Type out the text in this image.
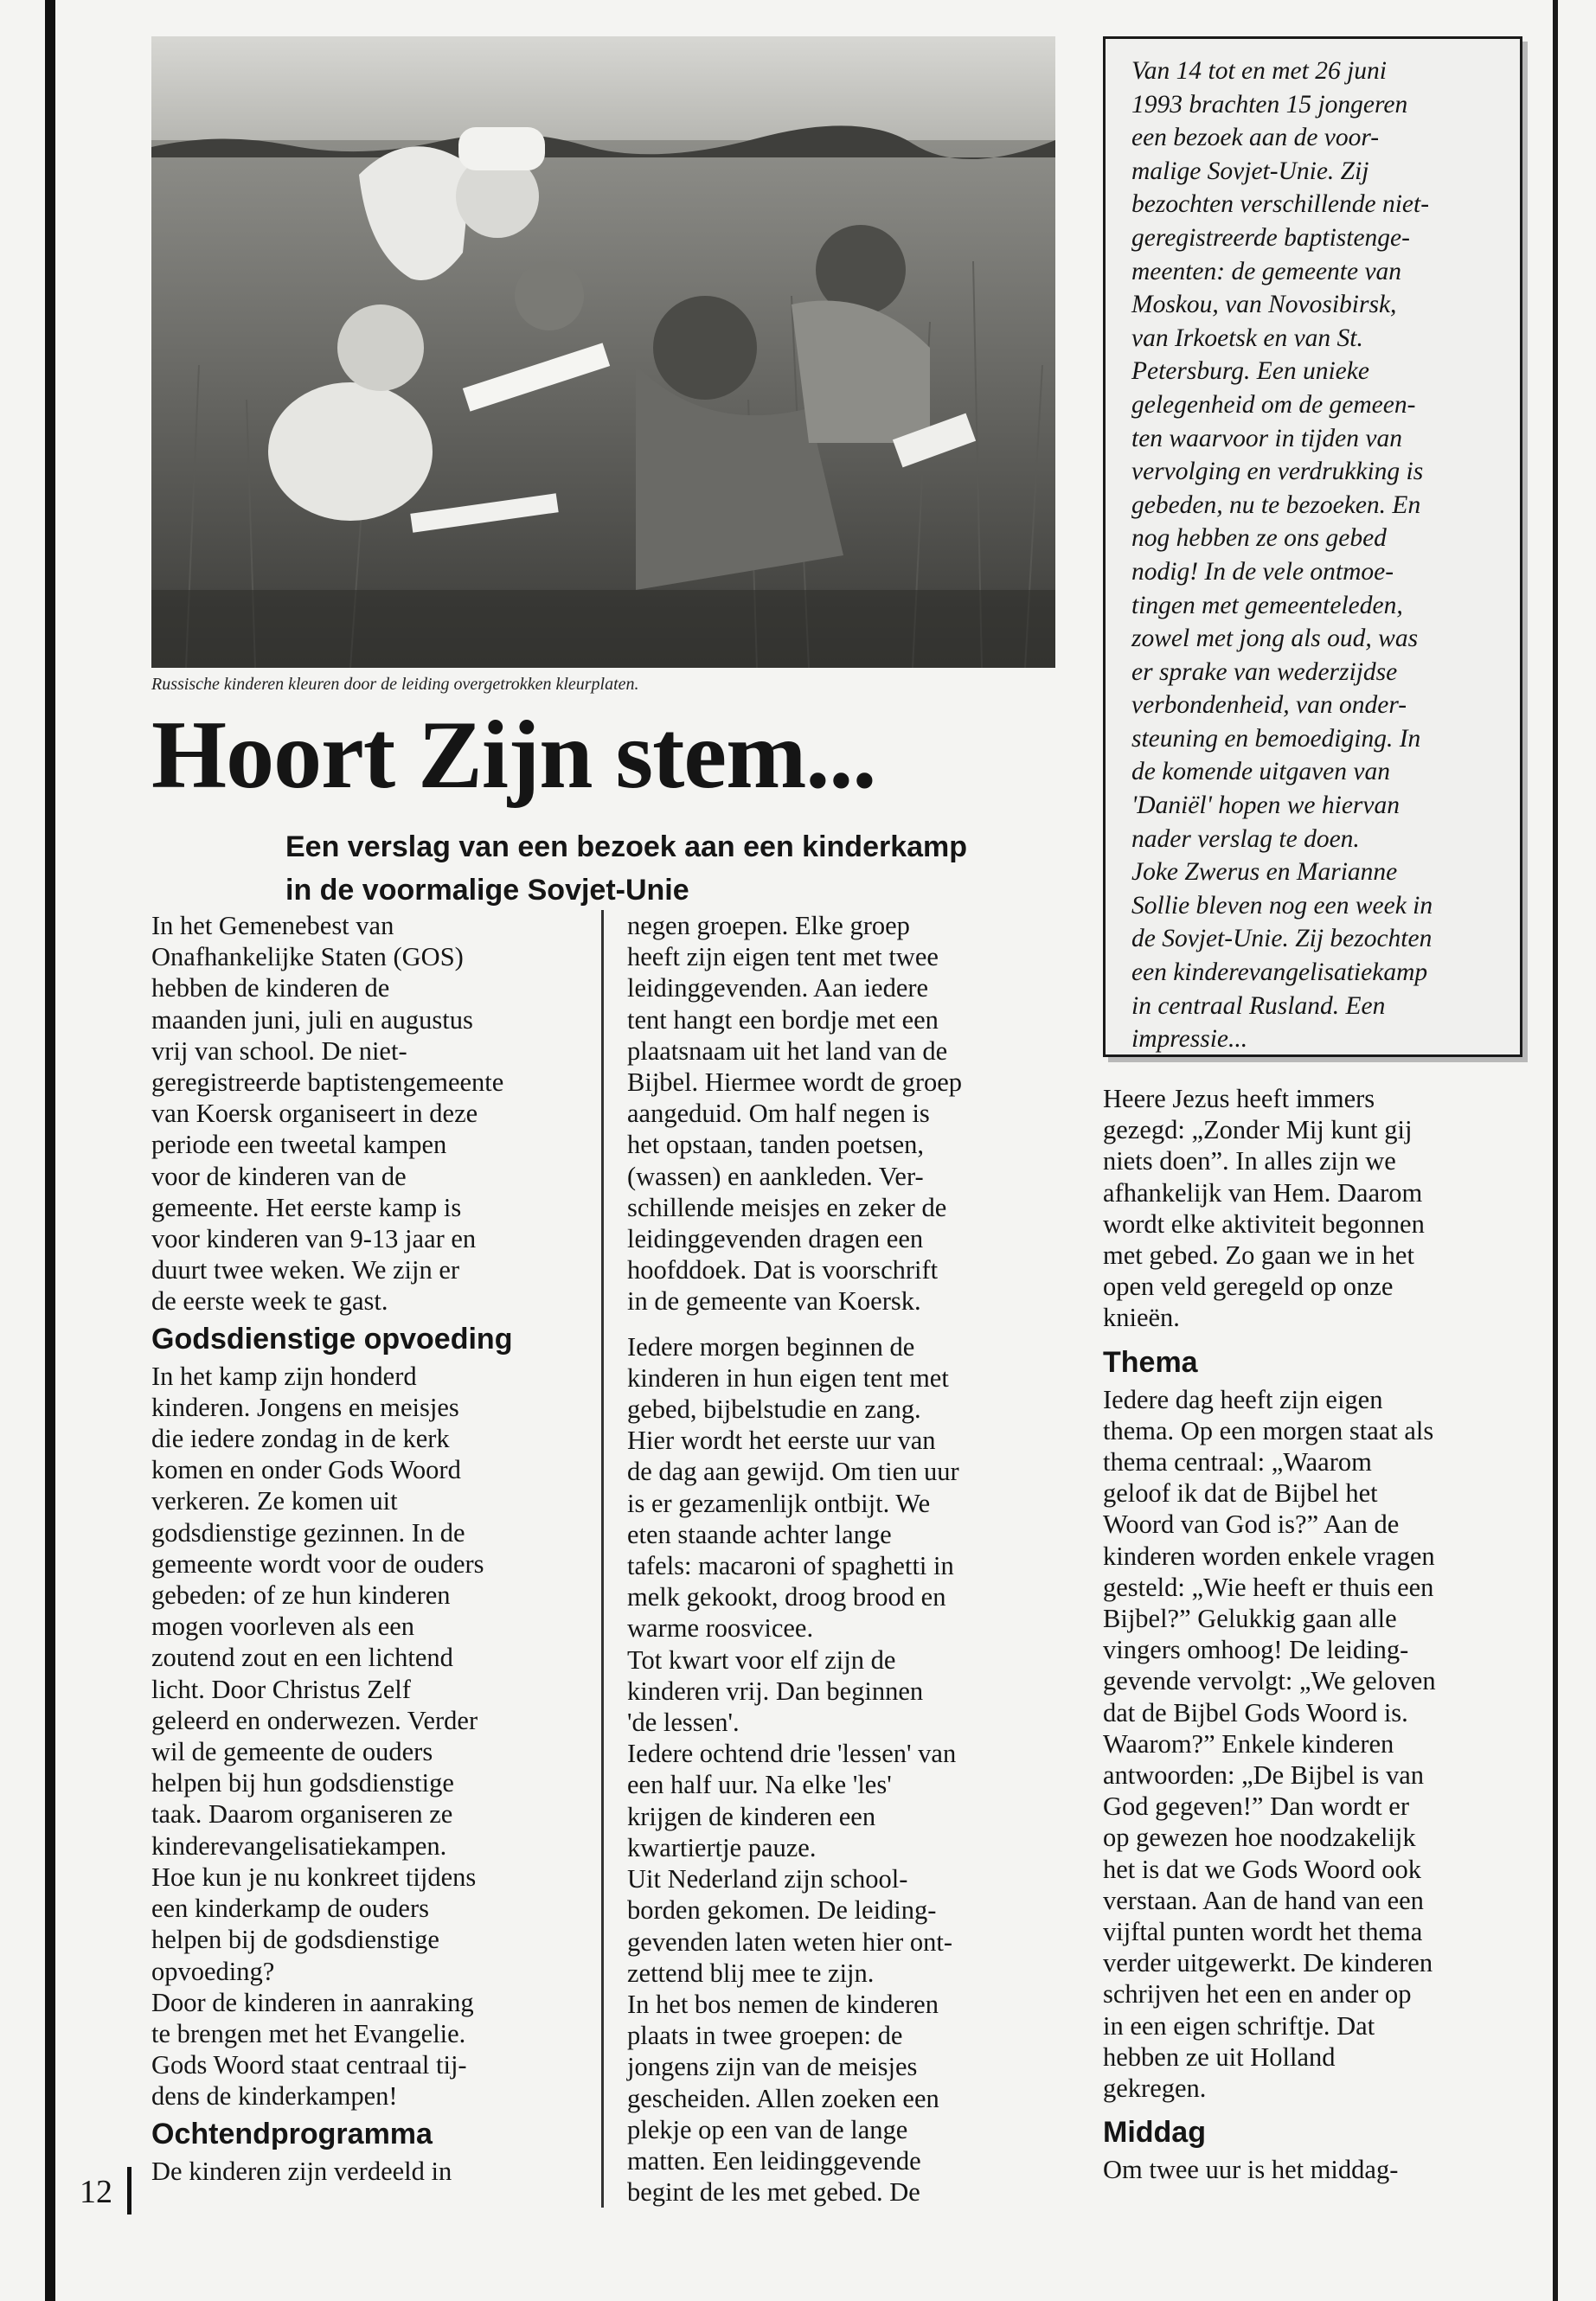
Russische kinderen kleuren door de leiding overgetrokken kleurplaten.
Hoort Zijn stem...
Een verslag van een bezoek aan een kinderkamp
in de voormalige Sovjet-Unie
Van 14 tot en met 26 juni
1993 brachten 15 jongeren
een bezoek aan de voor-
malige Sovjet-Unie. Zij
bezochten verschillende niet-
geregistreerde baptistenge-
meenten: de gemeente van
Moskou, van Novosibirsk,
van Irkoetsk en van St.
Petersburg. Een unieke
gelegenheid om de gemeen-
ten waarvoor in tijden van
vervolging en verdrukking is
gebeden, nu te bezoeken. En
nog hebben ze ons gebed
nodig! In de vele ontmoe-
tingen met gemeenteleden,
zowel met jong als oud, was
er sprake van wederzijdse
verbondenheid, van onder-
steuning en bemoediging. In
de komende uitgaven van
'Daniël' hopen we hiervan
nader verslag te doen.
Joke Zwerus en Marianne
Sollie bleven nog een week in
de Sovjet-Unie. Zij bezochten
een kinderevangelisatiekamp
in centraal Rusland. Een
impressie...
In het Gemenebest van
Onafhankelijke Staten (GOS)
hebben de kinderen de
maanden juni, juli en augustus
vrij van school. De niet-
geregistreerde baptistengemeente
van Koersk organiseert in deze
periode een tweetal kampen
voor de kinderen van de
gemeente. Het eerste kamp is
voor kinderen van 9-13 jaar en
duurt twee weken. We zijn er
de eerste week te gast.
Godsdienstige opvoeding
In het kamp zijn honderd
kinderen. Jongens en meisjes
die iedere zondag in de kerk
komen en onder Gods Woord
verkeren. Ze komen uit
godsdienstige gezinnen. In de
gemeente wordt voor de ouders
gebeden: of ze hun kinderen
mogen voorleven als een
zoutend zout en een lichtend
licht. Door Christus Zelf
geleerd en onderwezen. Verder
wil de gemeente de ouders
helpen bij hun godsdienstige
taak. Daarom organiseren ze
kinderevangelisatiekampen.
Hoe kun je nu konkreet tijdens
een kinderkamp de ouders
helpen bij de godsdienstige
opvoeding?
Door de kinderen in aanraking
te brengen met het Evangelie.
Gods Woord staat centraal tij-
dens de kinderkampen!
Ochtendprogramma
De kinderen zijn verdeeld in
negen groepen. Elke groep
heeft zijn eigen tent met twee
leidinggevenden. Aan iedere
tent hangt een bordje met een
plaatsnaam uit het land van de
Bijbel. Hiermee wordt de groep
aangeduid. Om half negen is
het opstaan, tanden poetsen,
(wassen) en aankleden. Ver-
schillende meisjes en zeker de
leidinggevenden dragen een
hoofddoek. Dat is voorschrift
in de gemeente van Koersk.
Iedere morgen beginnen de
kinderen in hun eigen tent met
gebed, bijbelstudie en zang.
Hier wordt het eerste uur van
de dag aan gewijd. Om tien uur
is er gezamenlijk ontbijt. We
eten staande achter lange
tafels: macaroni of spaghetti in
melk gekookt, droog brood en
warme roosvicee.
Tot kwart voor elf zijn de
kinderen vrij. Dan beginnen
'de lessen'.
Iedere ochtend drie 'lessen' van
een half uur. Na elke 'les'
krijgen de kinderen een
kwartiertje pauze.
Uit Nederland zijn school-
borden gekomen. De leiding-
gevenden laten weten hier ont-
zettend blij mee te zijn.
In het bos nemen de kinderen
plaats in twee groepen: de
jongens zijn van de meisjes
gescheiden. Allen zoeken een
plekje op een van de lange
matten. Een leidinggevende
begint de les met gebed. De
Heere Jezus heeft immers
gezegd: „Zonder Mij kunt gij
niets doen”. In alles zijn we
afhankelijk van Hem. Daarom
wordt elke aktiviteit begonnen
met gebed. Zo gaan we in het
open veld geregeld op onze
knieën.
Thema
Iedere dag heeft zijn eigen
thema. Op een morgen staat als
thema centraal: „Waarom
geloof ik dat de Bijbel het
Woord van God is?” Aan de
kinderen worden enkele vragen
gesteld: „Wie heeft er thuis een
Bijbel?” Gelukkig gaan alle
vingers omhoog! De leiding-
gevende vervolgt: „We geloven
dat de Bijbel Gods Woord is.
Waarom?” Enkele kinderen
antwoorden: „De Bijbel is van
God gegeven!” Dan wordt er
op gewezen hoe noodzakelijk
het is dat we Gods Woord ook
verstaan. Aan de hand van een
vijftal punten wordt het thema
verder uitgewerkt. De kinderen
schrijven het een en ander op
in een eigen schriftje. Dat
hebben ze uit Holland
gekregen.
Middag
Om twee uur is het middag-
12
